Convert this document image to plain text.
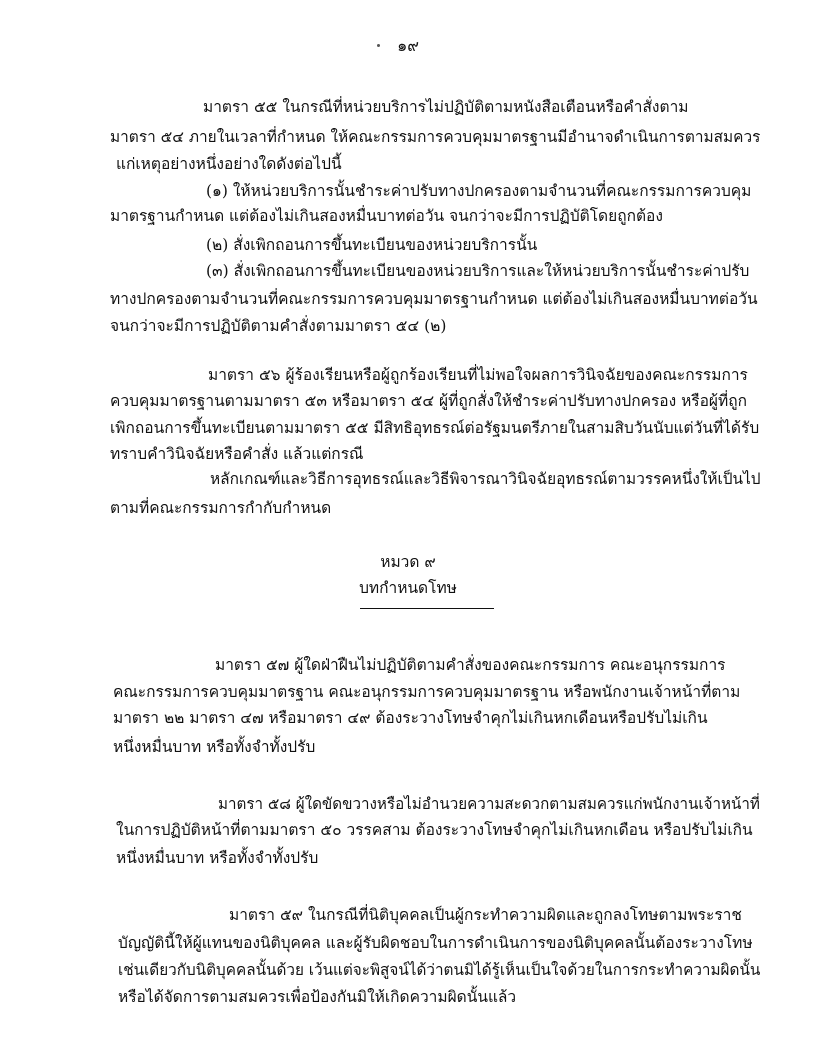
๑๙
มาตรา ๕๕ ในกรณีที่หน่วยบริการไม่ปฏิบัติตามหนังสือเตือนหรือคำสั่งตาม
มาตรา ๕๔ ภายในเวลาที่กำหนด ให้คณะกรรมการควบคุมมาตรฐานมีอำนาจดำเนินการตามสมควร
แก่เหตุอย่างหนึ่งอย่างใดดังต่อไปนี้
(๑) ให้หน่วยบริการนั้นชำระค่าปรับทางปกครองตามจำนวนที่คณะกรรมการควบคุม
มาตรฐานกำหนด แต่ต้องไม่เกินสองหมื่นบาทต่อวัน จนกว่าจะมีการปฏิบัติโดยถูกต้อง
(๒) สั่งเพิกถอนการขึ้นทะเบียนของหน่วยบริการนั้น
(๓) สั่งเพิกถอนการขึ้นทะเบียนของหน่วยบริการและให้หน่วยบริการนั้นชำระค่าปรับ
ทางปกครองตามจำนวนที่คณะกรรมการควบคุมมาตรฐานกำหนด แต่ต้องไม่เกินสองหมื่นบาทต่อวัน
จนกว่าจะมีการปฏิบัติตามคำสั่งตามมาตรา ๕๔ (๒)
มาตรา ๕๖ ผู้ร้องเรียนหรือผู้ถูกร้องเรียนที่ไม่พอใจผลการวินิจฉัยของคณะกรรมการ
ควบคุมมาตรฐานตามมาตรา ๕๓ หรือมาตรา ๕๔ ผู้ที่ถูกสั่งให้ชำระค่าปรับทางปกครอง หรือผู้ที่ถูก
เพิกถอนการขึ้นทะเบียนตามมาตรา ๕๕ มีสิทธิอุทธรณ์ต่อรัฐมนตรีภายในสามสิบวันนับแต่วันที่ได้รับ
ทราบคำวินิจฉัยหรือคำสั่ง แล้วแต่กรณี
หลักเกณฑ์และวิธีการอุทธรณ์และวิธีพิจารณาวินิจฉัยอุทธรณ์ตามวรรคหนึ่งให้เป็นไป
ตามที่คณะกรรมการกำกับกำหนด
หมวด ๙
บทกำหนดโทษ
มาตรา ๕๗ ผู้ใดฝ่าฝืนไม่ปฏิบัติตามคำสั่งของคณะกรรมการ คณะอนุกรรมการ
คณะกรรมการควบคุมมาตรฐาน คณะอนุกรรมการควบคุมมาตรฐาน หรือพนักงานเจ้าหน้าที่ตาม
มาตรา ๒๒ มาตรา ๔๗ หรือมาตรา ๔๙ ต้องระวางโทษจำคุกไม่เกินหกเดือนหรือปรับไม่เกิน
หนึ่งหมื่นบาท หรือทั้งจำทั้งปรับ
มาตรา ๕๘ ผู้ใดขัดขวางหรือไม่อำนวยความสะดวกตามสมควรแก่พนักงานเจ้าหน้าที่
ในการปฏิบัติหน้าที่ตามมาตรา ๕๐ วรรคสาม ต้องระวางโทษจำคุกไม่เกินหกเดือน หรือปรับไม่เกิน
หนึ่งหมื่นบาท หรือทั้งจำทั้งปรับ
มาตรา ๕๙ ในกรณีที่นิติบุคคลเป็นผู้กระทำความผิดและถูกลงโทษตามพระราช
บัญญัตินี้ให้ผู้แทนของนิติบุคคล และผู้รับผิดชอบในการดำเนินการของนิติบุคคลนั้นต้องระวางโทษ
เช่นเดียวกับนิติบุคคลนั้นด้วย เว้นแต่จะพิสูจน์ได้ว่าตนมิได้รู้เห็นเป็นใจด้วยในการกระทำความผิดนั้น
หรือได้จัดการตามสมควรเพื่อป้องกันมิให้เกิดความผิดนั้นแล้ว
